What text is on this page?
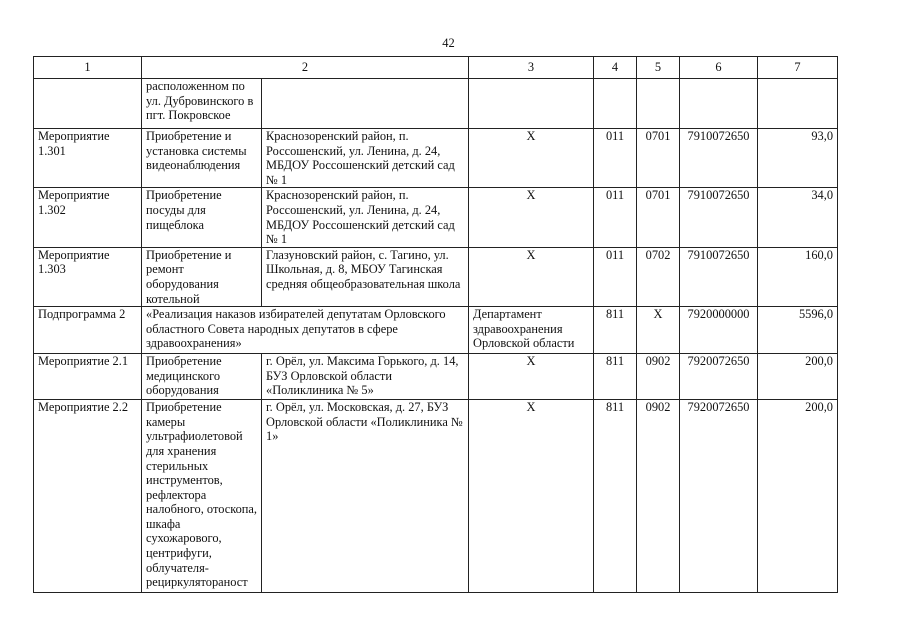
42
1	2		3	4	5	6	7
	расположенном по ул. Дубровинского в пгт. Покровское						
Мероприятие 1.301	Приобретение и установка системы видеонаблюдения	Краснозоренский район, п. Россошенский, ул. Ленина, д. 24, МБДОУ Россошенский детский сад № 1	Х	011	0701	7910072650	93,0
Мероприятие 1.302	Приобретение посуды для пищеблока	Краснозоренский район, п. Россошенский, ул. Ленина, д. 24, МБДОУ Россошенский детский сад № 1	Х	011	0701	7910072650	34,0
Мероприятие 1.303	Приобретение и ремонт оборудования котельной	Глазуновский район, с. Тагино, ул. Школьная, д. 8, МБОУ Тагинская средняя общеобразовательная школа	Х	011	0702	7910072650	160,0
Подпрограмма 2	«Реализация наказов избирателей депутатам Орловского областного Совета народных депутатов в сфере здравоохранения»		Департамент здравоохранения Орловской области	811	Х	7920000000	5596,0
Мероприятие 2.1	Приобретение медицинского оборудования	г. Орёл, ул. Максима Горького, д. 14, БУЗ Орловской области «Поликлиника № 5»	Х	811	0902	7920072650	200,0
Мероприятие 2.2	Приобретение камеры ультрафиолетовой для хранения стерильных инструментов, рефлектора налобного, отоскопа, шкафа сухожарового, центрифуги, облучателя-рециркулятораност	г. Орёл, ул. Московская, д. 27, БУЗ Орловской области «Поликлиника № 1»	Х	811	0902	7920072650	200,0
